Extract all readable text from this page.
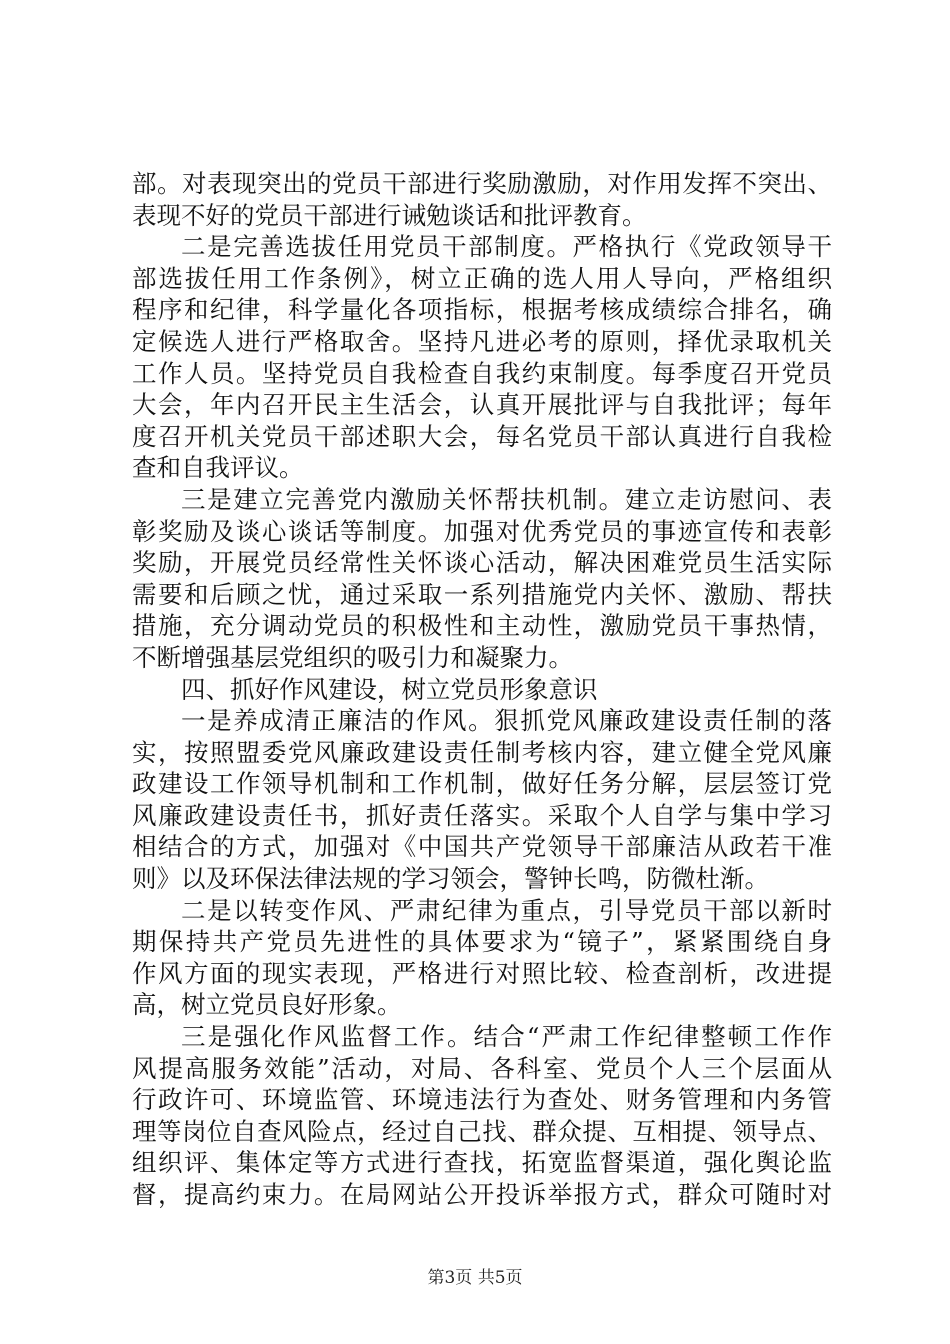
部。对表现突出的党员干部进行奖励激励，对作用发挥不突出、
表现不好的党员干部进行诫勉谈话和批评教育。
二是完善选拔任用党员干部制度。严格执行《党政领导干
部选拔任用工作条例》，树立正确的选人用人导向，严格组织
程序和纪律，科学量化各项指标，根据考核成绩综合排名，确
定候选人进行严格取舍。坚持凡进必考的原则，择优录取机关
工作人员。坚持党员自我检查自我约束制度。每季度召开党员
大会，年内召开民主生活会，认真开展批评与自我批评；每年
度召开机关党员干部述职大会，每名党员干部认真进行自我检
查和自我评议。
三是建立完善党内激励关怀帮扶机制。建立走访慰问、表
彰奖励及谈心谈话等制度。加强对优秀党员的事迹宣传和表彰
奖励，开展党员经常性关怀谈心活动，解决困难党员生活实际
需要和后顾之忧，通过采取一系列措施党内关怀、激励、帮扶
措施，充分调动党员的积极性和主动性，激励党员干事热情，
不断增强基层党组织的吸引力和凝聚力。
四、抓好作风建设，树立党员形象意识
一是养成清正廉洁的作风。狠抓党风廉政建设责任制的落
实，按照盟委党风廉政建设责任制考核内容，建立健全党风廉
政建设工作领导机制和工作机制，做好任务分解，层层签订党
风廉政建设责任书，抓好责任落实。采取个人自学与集中学习
相结合的方式，加强对《中国共产党领导干部廉洁从政若干准
则》以及环保法律法规的学习领会，警钟长鸣，防微杜渐。
二是以转变作风、严肃纪律为重点，引导党员干部以新时
期保持共产党员先进性的具体要求为“镜子”，紧紧围绕自身
作风方面的现实表现，严格进行对照比较、检查剖析，改进提
高，树立党员良好形象。
三是强化作风监督工作。结合“严肃工作纪律整顿工作作
风提高服务效能”活动，对局、各科室、党员个人三个层面从
行政许可、环境监管、环境违法行为查处、财务管理和内务管
理等岗位自查风险点，经过自己找、群众提、互相提、领导点、
组织评、集体定等方式进行查找，拓宽监督渠道，强化舆论监
督，提高约束力。在局网站公开投诉举报方式，群众可随时对
第3页 共5页
